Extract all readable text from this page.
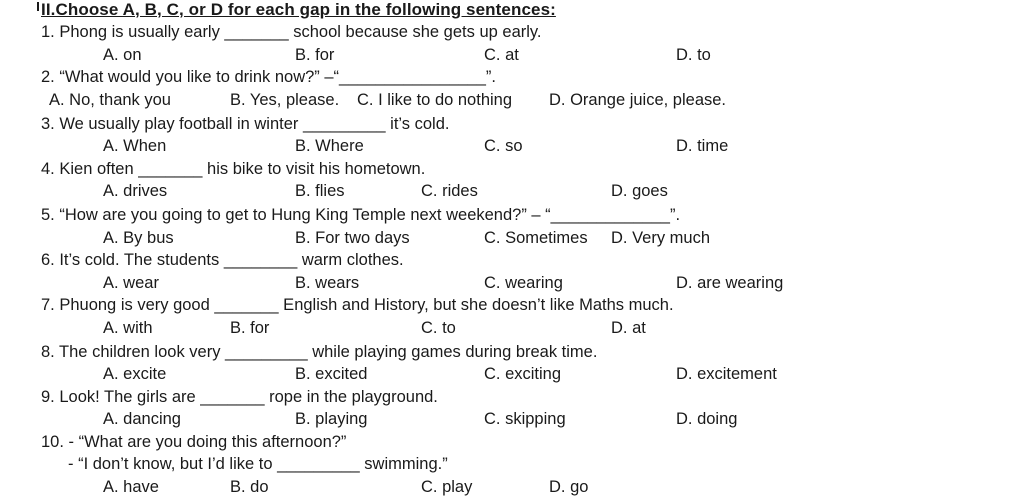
II.Choose A, B, C, or D for each gap in the following sentences:
1. Phong is usually early _______ school because she gets up early.
A. on	B. for	C. at	D. to
2. “What would you like to drink now?” –“________________”.
A. No, thank you	B. Yes, please. C. I like to do nothing D. Orange juice, please.
3. We usually play football in winter _________ it’s cold.
A. When	B. Where	C. so	D. time
4. Kien often _______ his bike to visit his hometown.
A. drives	B. flies	C. rides	D. goes
5. “How are you going to get to Hung King Temple next weekend?” – “_____________”.
A. By bus	B. For two days	C. Sometimes D. Very much
6. It’s cold. The students ________ warm clothes.
A. wear	B. wears	C. wearing	D. are wearing
7. Phuong is very good _______ English and History, but she doesn’t like Maths much.
A. with	B. for	C. to	D. at
8. The children look very _________ while playing games during break time.
A. excite	B. excited	C. exciting	D. excitement
9. Look! The girls are _______ rope in the playground.
A. dancing	B. playing	C. skipping	D. doing
10. - “What are you doing this afternoon?”
- “I don’t know, but I’d like to _________ swimming.”
A. have	B. do	C. play	D. go
